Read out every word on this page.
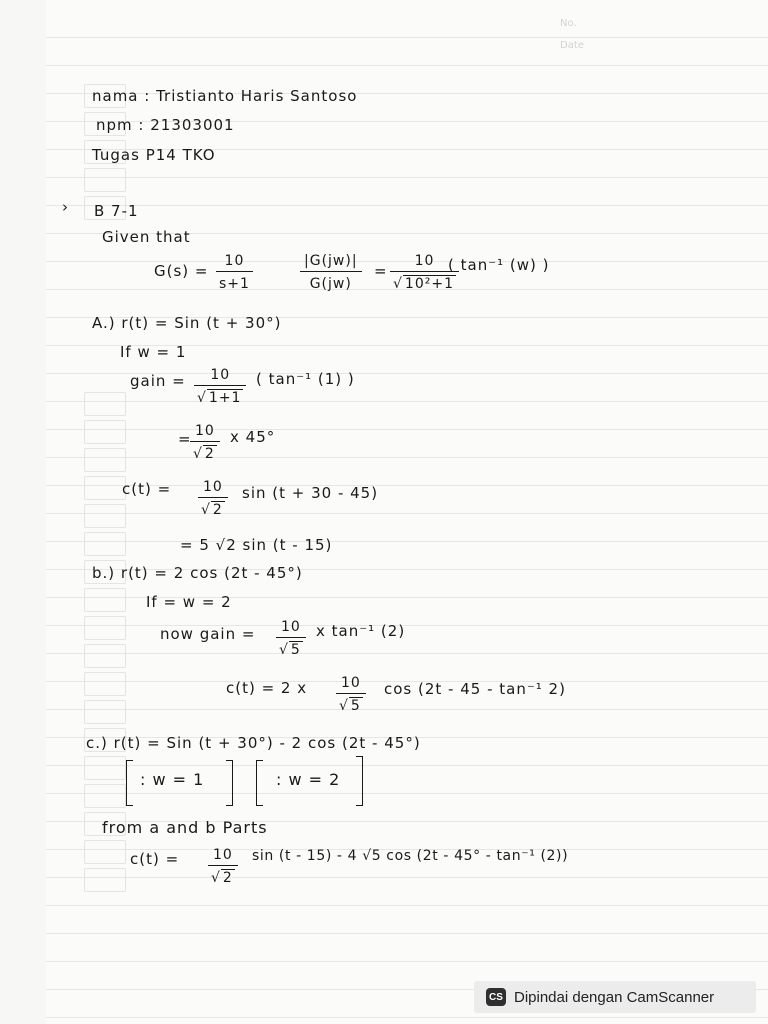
No.
Date
nama : Tristianto Haris Santoso
npm : 21303001
Tugas P14 TKO
› B 7-1
Given that
G(s) =
10
s+1
|G(jw)|
G(jw)
=
10
√ 10²+1
( tan⁻¹ (w) )
A.) r(t) = Sin (t + 30°)
If w = 1
gain = 10
√ 1+1
( tan⁻¹ (1) )
= 10
√ 2
x 45°
c(t) = 10
√ 2
sin (t + 30 - 45)
= 5 √2 sin (t - 15)
b.) r(t) = 2 cos (2t - 45°)
If = w = 2
now gain = 10
√ 5
x tan⁻¹ (2)
c(t) = 2 x 10
√ 5
cos (2t - 45 - tan⁻¹ 2)
c.) r(t) = Sin (t + 30°) - 2 cos (2t - 45°)
: w = 1	: w = 2
from a and b Parts
c(t) = 10
√ 2
sin (t - 15) - 4 √5 cos (2t - 45° - tan⁻¹ (2))
CS Dipindai dengan CamScanner
